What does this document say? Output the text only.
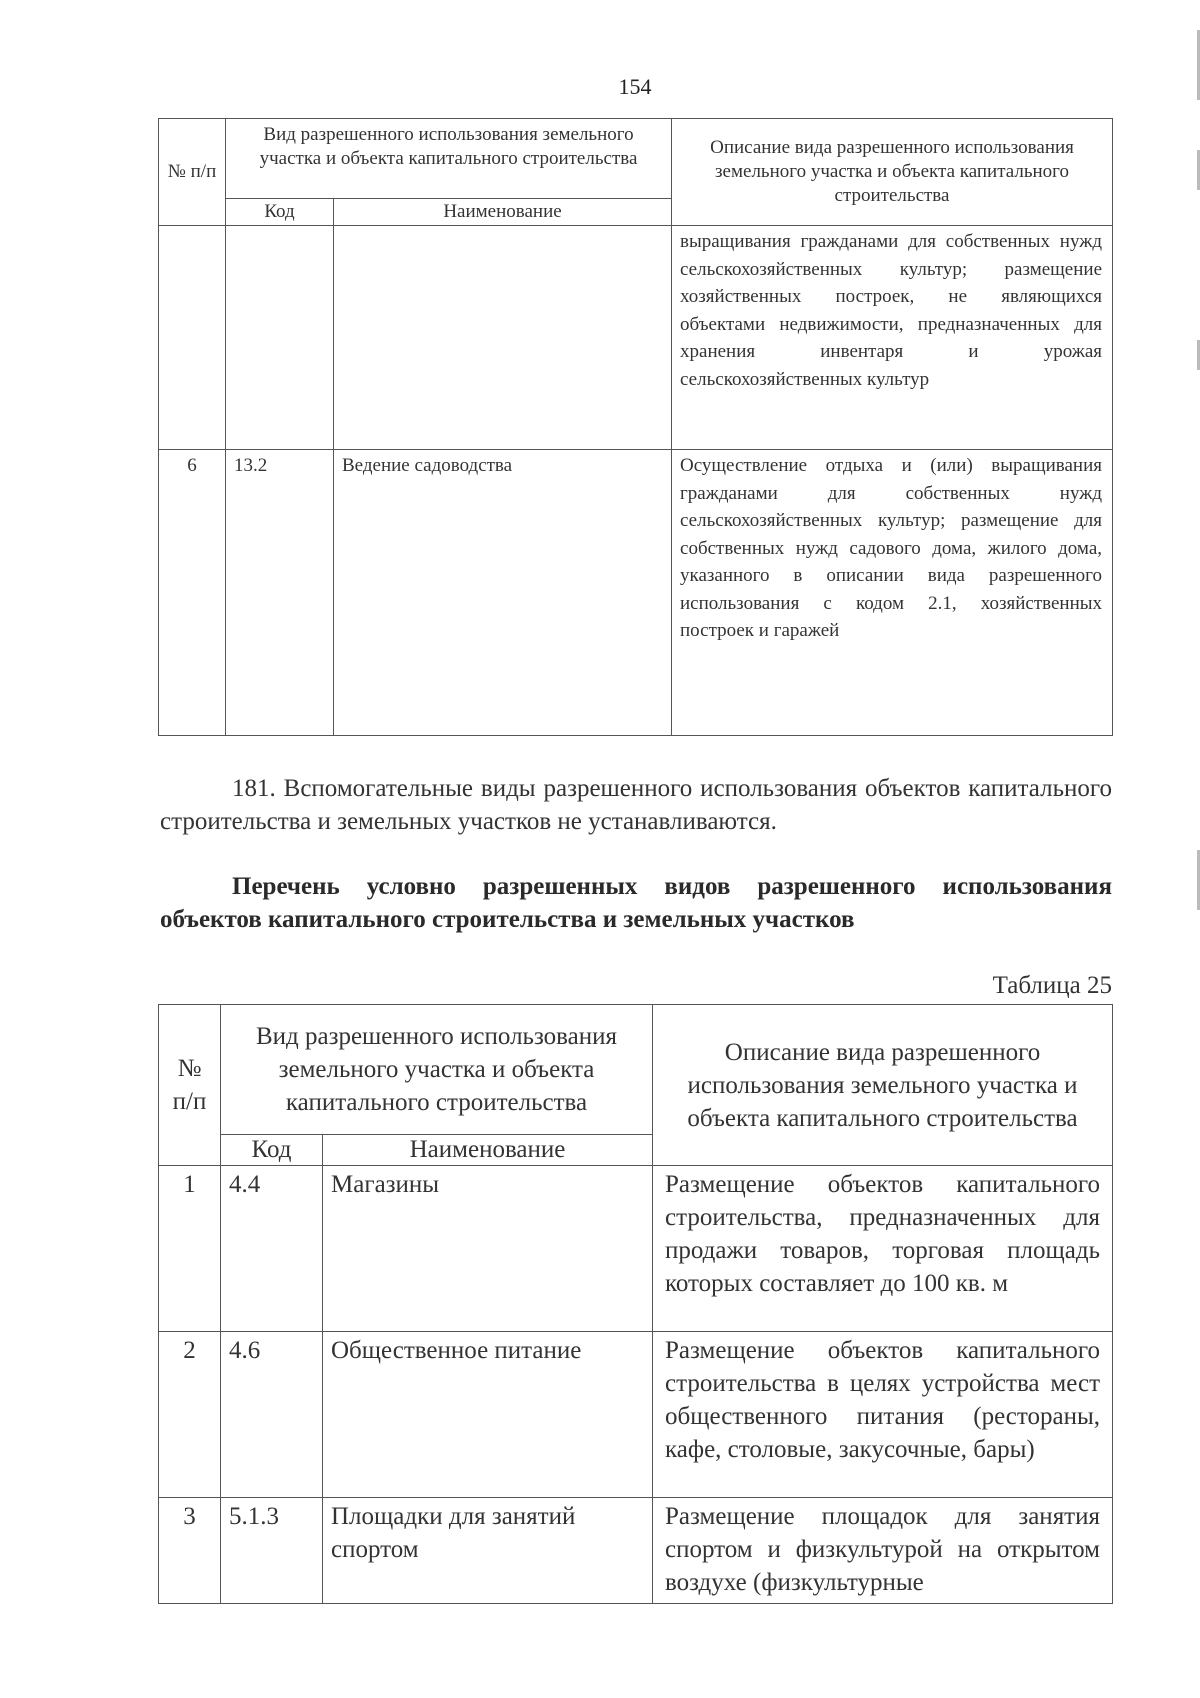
154
№ п/п	Вид разрешенного использования земельного участка и объекта капитального строительства		Описание вида разрешенного использования земельного участка и объекта капитального строительства
	Код	Наименование	
			выращивания гражданами для собственных нужд сельскохозяйственных культур; размещение хозяйственных построек, не являющихся объектами недвижимости, предназначенных для хранения инвентаря и урожая сельскохозяйственных культур
6	13.2	Ведение садоводства	Осуществление отдыха и (или) выращивания гражданами для собственных нужд сельскохозяйственных культур; размещение для собственных нужд садового дома, жилого дома, указанного в описании вида разрешенного использования с кодом 2.1, хозяйственных построек и гаражей
181. Вспомогательные виды разрешенного использования объектов капитального строительства и земельных участков не устанавливаются.
Перечень условно разрешенных видов разрешенного использования объектов капитального строительства и земельных участков
Таблица 25
№ п/п	Вид разрешенного использования земельного участка и объекта капитального строительства		Описание вида разрешенного использования земельного участка и объекта капитального строительства
	Код	Наименование	
1	4.4	Магазины	Размещение объектов капитального строительства, предназначенных для продажи товаров, торговая площадь которых составляет до 100 кв. м
2	4.6	Общественное питание	Размещение объектов капитального строительства в целях устройства мест общественного питания (рестораны, кафе, столовые, закусочные, бары)
3	5.1.3	Площадки для занятий спортом	Размещение площадок для занятия спортом и физкультурой на открытом воздухе (физкультурные
